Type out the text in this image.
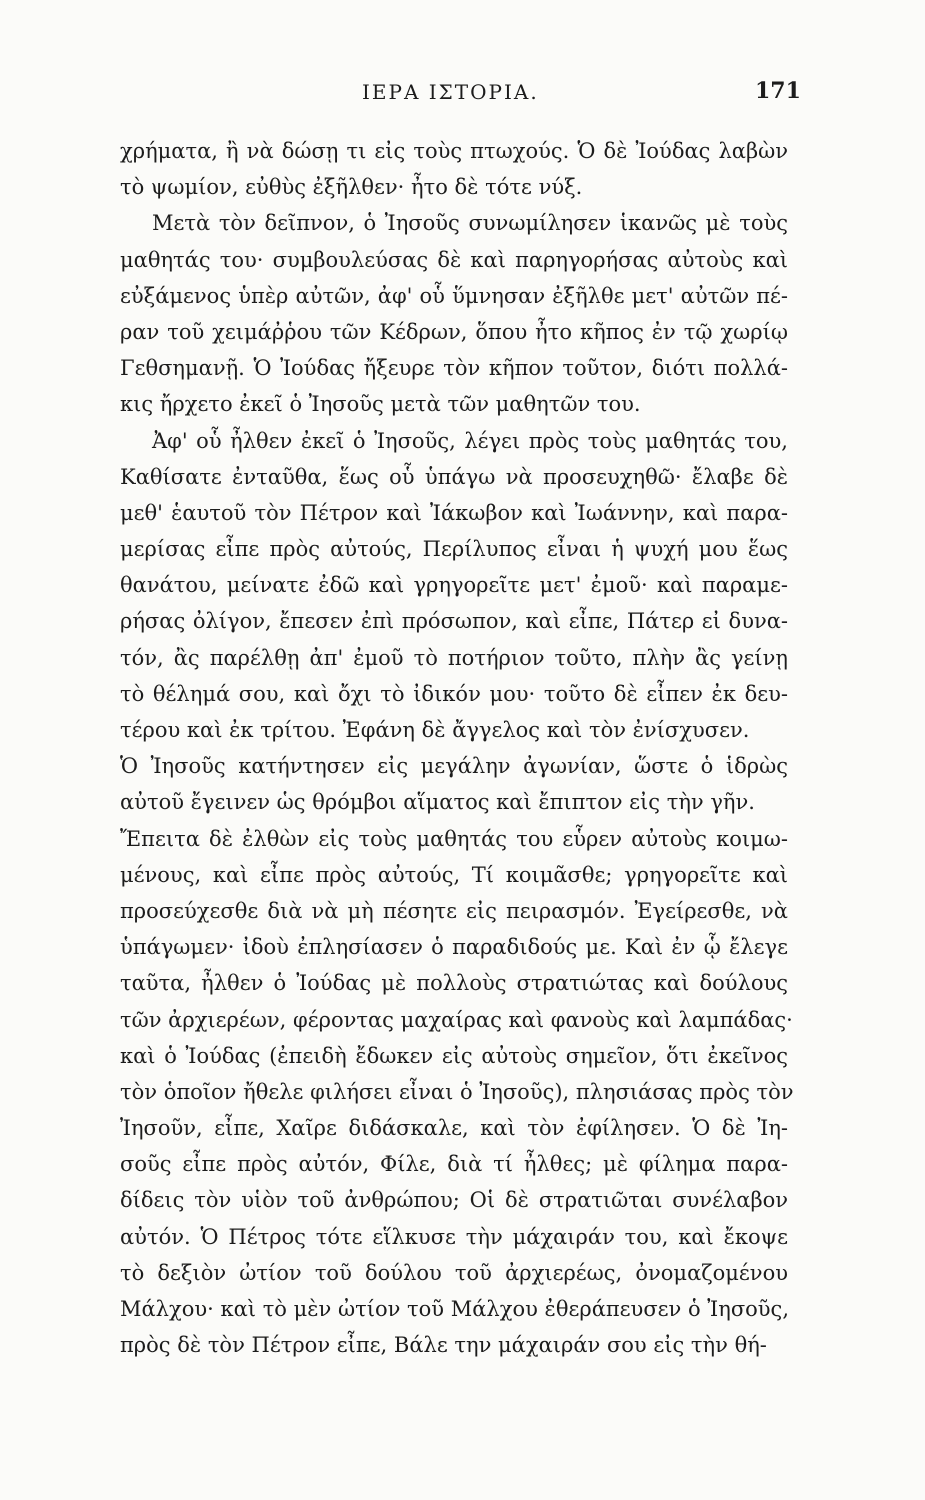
ΙΕΡΑ ΙΣΤΟΡΙΑ.	171
χρήματα, ἢ νὰ δώσῃ τι εἰς τοὺς πτωχούς. Ὁ δὲ Ἰούδας λαβὼν
τὸ ψωμίον, εὐθὺς ἐξῆλθεν· ἦτο δὲ τότε νύξ.
Μετὰ τὸν δεῖπνον, ὁ Ἰησοῦς συνωμίλησεν ἱκανῶς μὲ τοὺς
μαθητάς του· συμβουλεύσας δὲ καὶ παρηγορήσας αὐτοὺς καὶ
εὐξάμενος ὑπὲρ αὐτῶν, ἀφ' οὗ ὕμνησαν ἐξῆλθε μετ' αὐτῶν πέ-
ραν τοῦ χειμάῤῥου τῶν Κέδρων, ὅπου ἦτο κῆπος ἐν τῷ χωρίῳ
Γεθσημανῇ. Ὁ Ἰούδας ἤξευρε τὸν κῆπον τοῦτον, διότι πολλά-
κις ἤρχετο ἐκεῖ ὁ Ἰησοῦς μετὰ τῶν μαθητῶν του.
Ἀφ' οὗ ἦλθεν ἐκεῖ ὁ Ἰησοῦς, λέγει πρὸς τοὺς μαθητάς του,
Καθίσατε ἐνταῦθα, ἕως οὗ ὑπάγω νὰ προσευχηθῶ· ἔλαβε δὲ
μεθ' ἑαυτοῦ τὸν Πέτρον καὶ Ἰάκωβον καὶ Ἰωάννην, καὶ παρα-
μερίσας εἶπε πρὸς αὐτούς, Περίλυπος εἶναι ἡ ψυχή μου ἕως
θανάτου, μείνατε ἐδῶ καὶ γρηγορεῖτε μετ' ἐμοῦ· καὶ παραμε-
ρήσας ὀλίγον, ἔπεσεν ἐπὶ πρόσωπον, καὶ εἶπε, Πάτερ εἰ δυνα-
τόν, ἂς παρέλθῃ ἀπ' ἐμοῦ τὸ ποτήριον τοῦτο, πλὴν ἂς γείνῃ
τὸ θέλημά σου, καὶ ὄχι τὸ ἰδικόν μου· τοῦτο δὲ εἶπεν ἐκ δευ-
τέρου καὶ ἐκ τρίτου. Ἐφάνη δὲ ἄγγελος καὶ τὸν ἐνίσχυσεν.
Ὁ Ἰησοῦς κατήντησεν εἰς μεγάλην ἀγωνίαν, ὥστε ὁ ἱδρὼς
αὐτοῦ ἔγεινεν ὡς θρόμβοι αἵματος καὶ ἔπιπτον εἰς τὴν γῆν.
Ἔπειτα δὲ ἐλθὼν εἰς τοὺς μαθητάς του εὗρεν αὐτοὺς κοιμω-
μένους, καὶ εἶπε πρὸς αὐτούς, Τί κοιμᾶσθε; γρηγορεῖτε καὶ
προσεύχεσθε διὰ νὰ μὴ πέσητε εἰς πειρασμόν. Ἐγείρεσθε, νὰ
ὑπάγωμεν· ἰδοὺ ἐπλησίασεν ὁ παραδιδούς με. Καὶ ἐν ᾧ ἔλεγε
ταῦτα, ἦλθεν ὁ Ἰούδας μὲ πολλοὺς στρατιώτας καὶ δούλους
τῶν ἀρχιερέων, φέροντας μαχαίρας καὶ φανοὺς καὶ λαμπάδας·
καὶ ὁ Ἰούδας (ἐπειδὴ ἔδωκεν εἰς αὐτοὺς σημεῖον, ὅτι ἐκεῖνος
τὸν ὁποῖον ἤθελε φιλήσει εἶναι ὁ Ἰησοῦς), πλησιάσας πρὸς τὸν
Ἰησοῦν, εἶπε, Χαῖρε διδάσκαλε, καὶ τὸν ἐφίλησεν. Ὁ δὲ Ἰη-
σοῦς εἶπε πρὸς αὐτόν, Φίλε, διὰ τί ἦλθες; μὲ φίλημα παρα-
δίδεις τὸν υἱὸν τοῦ ἀνθρώπου; Οἱ δὲ στρατιῶται συνέλαβον
αὐτόν. Ὁ Πέτρος τότε εἵλκυσε τὴν μάχαιράν του, καὶ ἔκοψε
τὸ δεξιὸν ὠτίον τοῦ δούλου τοῦ ἀρχιερέως, ὀνομαζομένου
Μάλχου· καὶ τὸ μὲν ὠτίον τοῦ Μάλχου ἐθεράπευσεν ὁ Ἰησοῦς,
πρὸς δὲ τὸν Πέτρον εἶπε, Βάλε την μάχαιράν σου εἰς τὴν θή-
